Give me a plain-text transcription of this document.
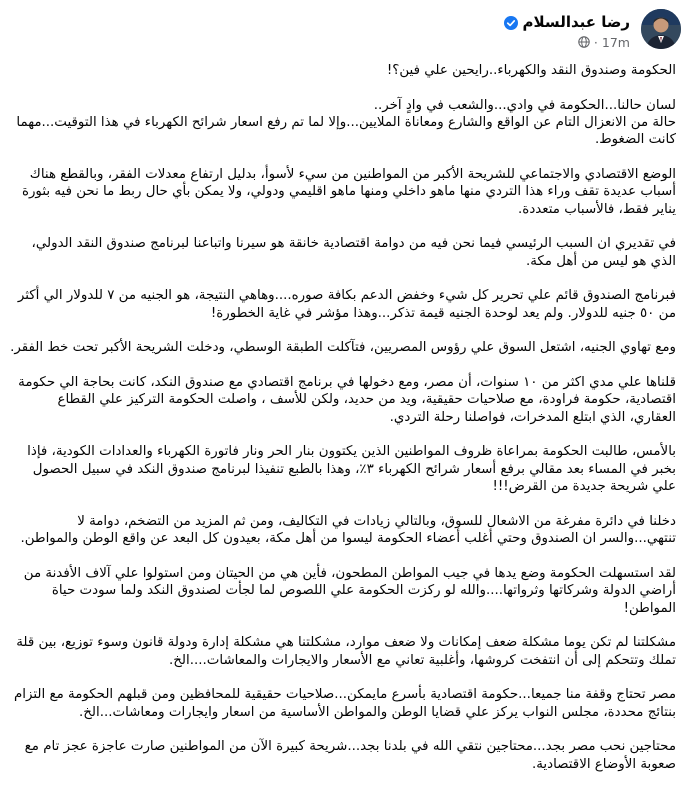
رضا عبدالسلام
17m
·

الحكومة وصندوق النقد والكهرباء..رايحين علي فين؟!

لسان حالنا...الحكومة في وادي...والشعب في وادٍ آخر..
حالة من الانعزال التام عن الواقع والشارع ومعاناة الملايين...وإلا لما تم رفع اسعار شرائح الكهرباء في هذا التوقيت...مهما كانت الضغوط.

الوضع الاقتصادي والاجتماعي للشريحة الأكبر من المواطنين من سيء لأسوأ، بدليل ارتفاع معدلات الفقر، وبالقطع هناك أسباب عديدة تقف وراء هذا التردي منها ماهو داخلي ومنها ماهو اقليمي ودولي، ولا يمكن بأي حال ربط ما نحن فيه بثورة يناير فقط، فالأسباب متعددة.

في تقديري ان السبب الرئيسي فيما نحن فيه من دوامة اقتصادية خانقة هو سيرنا واتباعنا لبرنامج صندوق النقد الدولي، الذي هو ليس من أهل مكة.

فبرنامج الصندوق قائم علي تحرير كل شيء وخفض الدعم بكافة صوره....وهاهي النتيجة، هو الجنيه من ٧ للدولار الي أكثر من ٥٠ جنيه للدولار. ولم يعد لوحدة الجنيه قيمة تذكر...وهذا مؤشر في غاية الخطورة!

ومع تهاوي الجنيه، اشتعل السوق علي رؤوس المصريين، فتآكلت الطبقة الوسطي، ودخلت الشريحة الأكبر تحت خط الفقر.

قلناها علي مدي اكثر من ١٠ سنوات، أن مصر، ومع دخولها في برنامج اقتصادي مع صندوق النكد، كانت بحاجة الي حكومة اقتصادية، حكومة فراودة، مع صلاحيات حقيقية، ويد من حديد، ولكن للأسف ، واصلت الحكومة التركيز علي القطاع العقاري، الذي ابتلع المدخرات، فواصلنا رحلة التردي.

بالأمس، طالبت الحكومة بمراعاة ظروف المواطنين الذين يكتوون بنار الحر ونار فاتورة الكهرباء والعدادات الكودية، فإذا بخبر في المساء بعد مقالي برفع أسعار شرائح الكهرباء ٣٪، وهذا بالطبع تنفيذا لبرنامج صندوق النكد في سبيل الحصول علي شريحة جديدة من القرض!!!

دخلنا في دائرة مفرغة من الاشعال للسوق، وبالتالي زيادات في التكاليف، ومن ثم المزيد من التضخم، دوامة لا تنتهي...والسر ان الصندوق وحتي أغلب أعضاء الحكومة ليسوا من أهل مكة، بعيدون كل البعد عن واقع الوطن والمواطن.

لقد استسهلت الحكومة وضع يدها في جيب المواطن المطحون، فأين هي من الحيتان ومن استولوا علي آلاف الأفدنة من أراضي الدولة وشركاتها وثرواتها....والله لو ركزت الحكومة علي اللصوص لما لجأت لصندوق النكد ولما سودت حياة المواطن!

مشكلتنا لم تكن يوما مشكلة ضعف إمكانات ولا ضعف موارد، مشكلتنا هي مشكلة إدارة ودولة قانون وسوء توزيع، بين قلة تملك وتتحكم إلى أن انتفخت كروشها، وأغلبية تعاني مع الأسعار والايجارات والمعاشات....الخ.

مصر تحتاج وقفة منا جميعا...حكومة اقتصادية بأسرع مايمكن...صلاحيات حقيقية للمحافظين ومن قبلهم الحكومة مع التزام بنتائج محددة، مجلس النواب يركز علي قضايا الوطن والمواطن الأساسية من اسعار وايجارات ومعاشات...الخ.

محتاجين نحب مصر بجد...محتاجين نتقي الله في بلدنا بجد...شريحة كبيرة الآن من المواطنين صارت عاجزة عجز تام مع صعوبة الأوضاع الاقتصادية.
